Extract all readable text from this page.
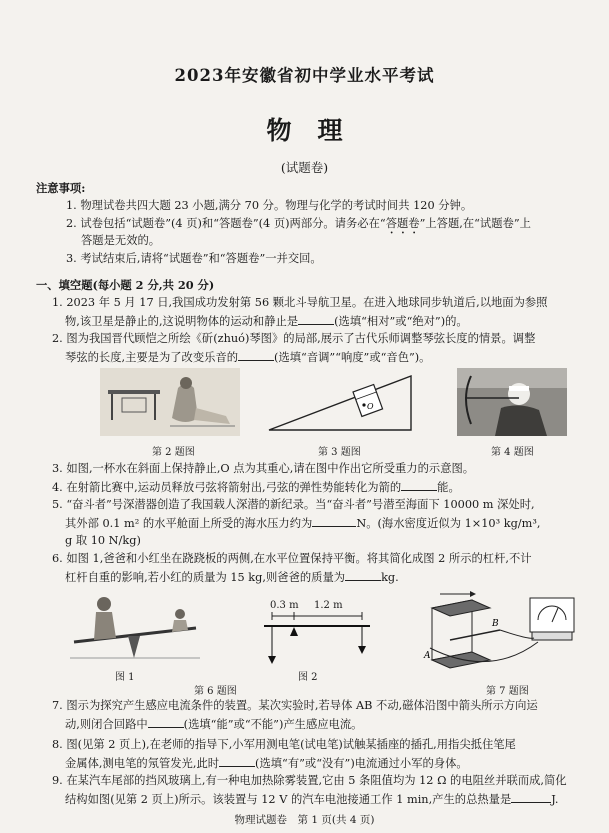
2023年安徽省初中学业水平考试
物理
(试题卷)
注意事项:
1. 物理试卷共四大题 23 小题,满分 70 分。物理与化学的考试时间共 120 分钟。
2. 试卷包括“试题卷”(4 页)和“答题卷”(4 页)两部分。请务必在“答题卷”上答题,在“试题卷”上
答题是无效的。
3. 考试结束后,请将“试题卷”和“答题卷”一并交回。
一、填空题(每小题 2 分,共 20 分)
1. 2023 年 5 月 17 日,我国成功发射第 56 颗北斗导航卫星。在进入地球同步轨道后,以地面为参照
物,该卫星是静止的,这说明物体的运动和静止是	(选填“相对”或“绝对”)的。
2. 图为我国晋代顾恺之所绘《斫(zhuó)琴图》的局部,展示了古代乐师调整琴弦长度的情景。调整
琴弦的长度,主要是为了改变乐音的	(选填“音调”“响度”或“音色”)。
第 2 题图
O
第 3 题图	第 4 题图
3. 如图,一杯水在斜面上保持静止,O 点为其重心,请在图中作出它所受重力的示意图。
4. 在射箭比赛中,运动员释放弓弦将箭射出,弓弦的弹性势能转化为箭的	能。
5. “奋斗者”号深潜器创造了我国载人深潜的新纪录。当“奋斗者”号潜至海面下 10000 m 深处时,
其外部 0.1 m² 的水平舱面上所受的海水压力约为	N。(海水密度近似为 1×10³ kg/m³,
g 取 10 N/kg)
6. 如图 1,爸爸和小红坐在跷跷板的两侧,在水平位置保持平衡。将其简化成图 2 所示的杠杆,不计
杠杆自重的影响,若小红的质量为 15 kg,则爸爸的质量为	kg.
图 1
0.3 m 1.2 m
图 2
第 6 题图
A
B
第 7 题图
7. 图示为探究产生感应电流条件的装置。某次实验时,若导体 AB 不动,磁体沿图中箭头所示方向运
动,则闭合回路中	(选填“能”或“不能”)产生感应电流。
8. 图(见第 2 页上),在老师的指导下,小军用测电笔(试电笔)试触某插座的插孔,用指尖抵住笔尾
金属体,测电笔的氖管发光,此时	(选填“有”或“没有”)电流通过小军的身体。
9. 在某汽车尾部的挡风玻璃上,有一种电加热除雾装置,它由 5 条阻值均为 12 Ω 的电阻丝并联而成,简化
结构如图(见第 2 页上)所示。该装置与 12 V 的汽车电池接通工作 1 min,产生的总热量是	J.
物理试题卷　第 1 页(共 4 页)
